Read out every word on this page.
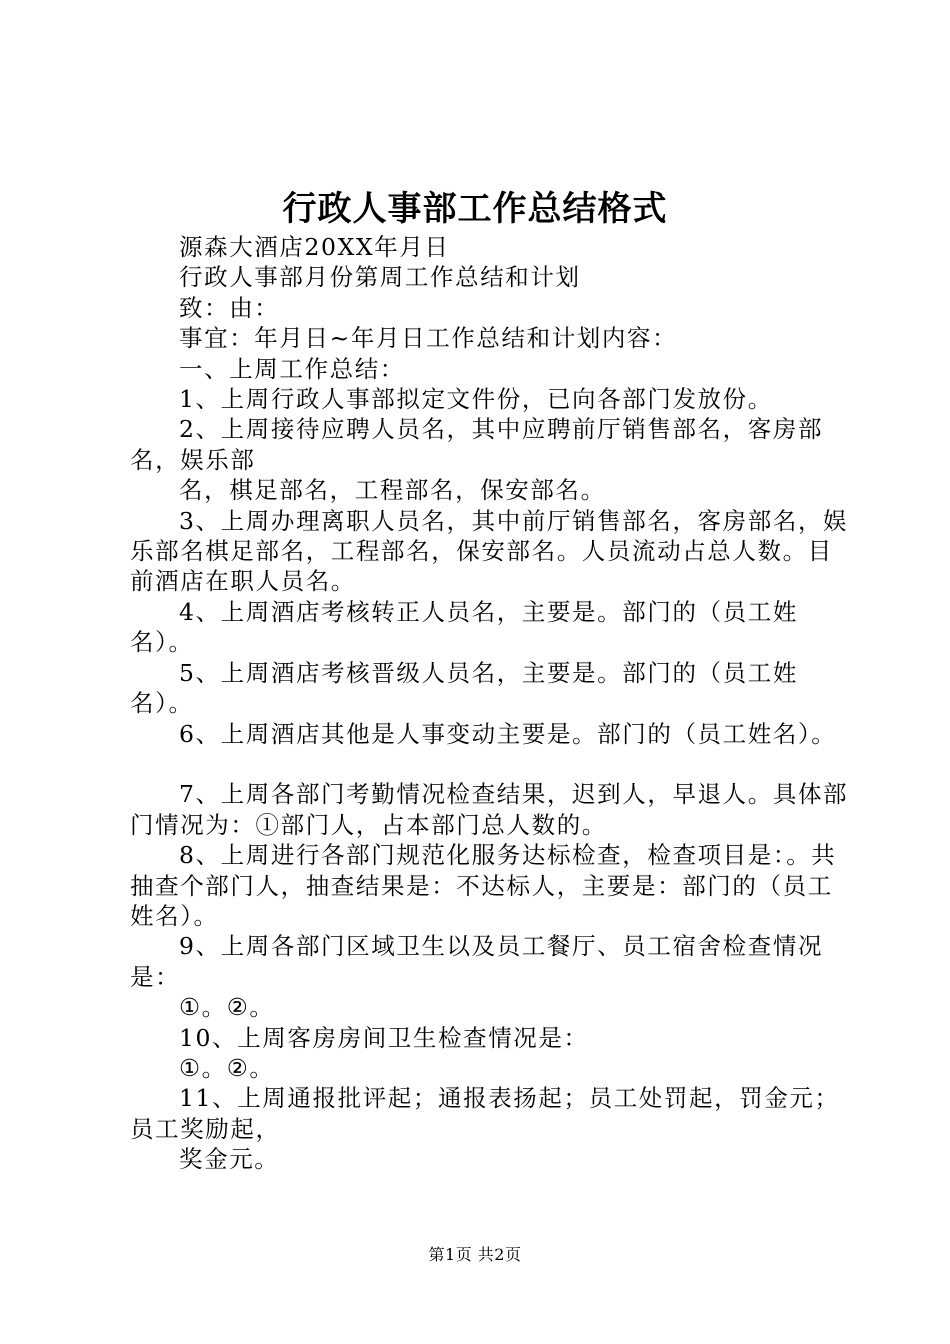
行政人事部工作总结格式

源森大酒店20XX年月日

行政人事部月份第周工作总结和计划

致：由：

事宜：年月日~年月日工作总结和计划内容：

一、上周工作总结：

1、上周行政人事部拟定文件份，已向各部门发放份。

2、上周接待应聘人员名，其中应聘前厅销售部名，客房部名，娱乐部

名，棋足部名，工程部名，保安部名。

3、上周办理离职人员名，其中前厅销售部名，客房部名，娱乐部名棋足部名，工程部名，保安部名。人员流动占总人数。目前酒店在职人员名。

4、上周酒店考核转正人员名，主要是。部门的（员工姓名）。

5、上周酒店考核晋级人员名，主要是。部门的（员工姓名）。

6、上周酒店其他是人事变动主要是。部门的（员工姓名）。

7、上周各部门考勤情况检查结果，迟到人，早退人。具体部门情况为：①部门人，占本部门总人数的。

8、上周进行各部门规范化服务达标检查，检查项目是：。共抽查个部门人，抽查结果是：不达标人，主要是：部门的（员工姓名）。

9、上周各部门区域卫生以及员工餐厅、员工宿舍检查情况是：

①。②。

10、上周客房房间卫生检查情况是：

①。②。

11、上周通报批评起；通报表扬起；员工处罚起，罚金元；员工奖励起，

奖金元。

第1页 共2页
